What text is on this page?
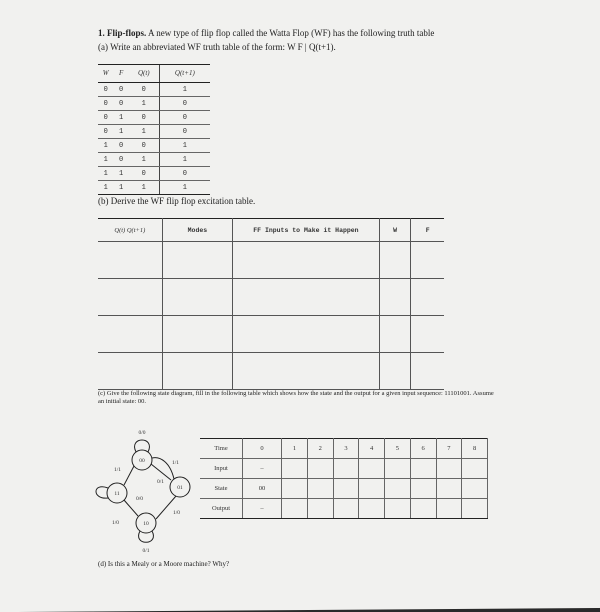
1. Flip-flops. A new type of flip flop called the Watta Flop (WF) has the following truth table
(a) Write an abbreviated WF truth table of the form: W F | Q(t+1).
W	F	Q(t)	Q(t+1)
0	0	0	1
0	0	1	0
0	1	0	0
0	1	1	0
1	0	0	1
1	0	1	1
1	1	0	0
1	1	1	1
(b) Derive the WF flip flop excitation table.
Q(t) Q(t+1)	Modes	FF Inputs to Make it Happen	W	F

(c) Give the following state diagram, fill in the following table which shows how the state and the output for a given input sequence: 11101001. Assume an initial state: 00.
00
01
11
10
0/0
1/1
1/1
0/1
0/0
1/0
1/0
0/1
Time	0	1	2	3	4	5	6	7	8
Input	–								
State	00								
Output	–								
(d) Is this a Mealy or a Moore machine? Why?
